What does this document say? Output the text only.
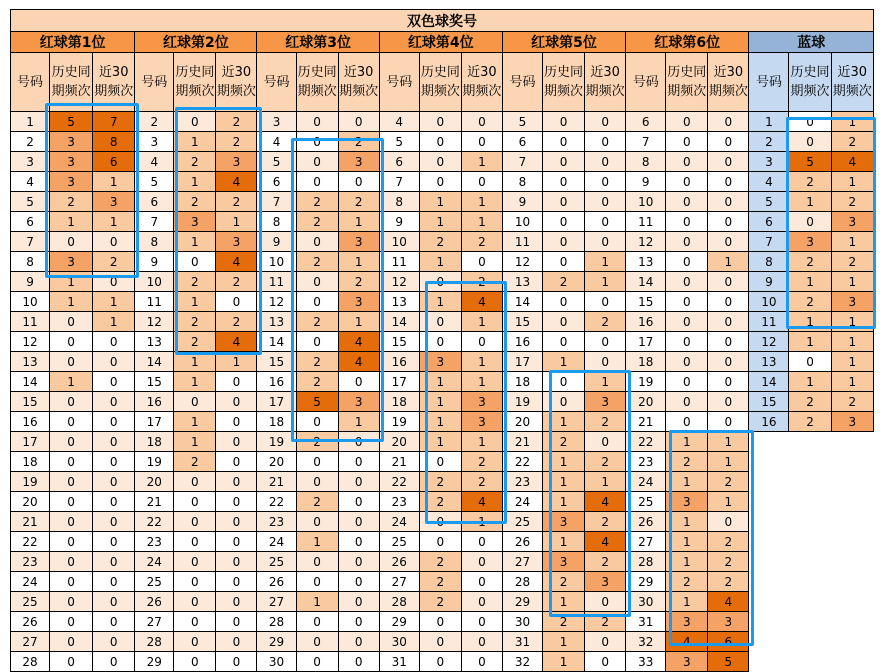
双色球奖号																				
红球第1位			红球第2位			红球第3位			红球第4位			红球第5位			红球第6位			蓝球		
号码	历史同期频次	近30期频次	号码	历史同期频次	近30期频次	号码	历史同期频次	近30期频次	号码	历史同期频次	近30期频次	号码	历史同期频次	近30期频次	号码	历史同期频次	近30期频次	号码	历史同期频次	近30期频次
1	5	7	2	0	2	3	0	0	4	0	0	5	0	0	6	0	0	1	0	1
2	3	8	3	1	2	4	0	2	5	0	0	6	0	0	7	0	0	2	0	2
3	3	6	4	2	3	5	0	3	6	0	1	7	0	0	8	0	0	3	5	4
4	3	1	5	1	4	6	0	0	7	0	0	8	0	0	9	0	0	4	2	1
5	2	3	6	2	2	7	2	2	8	1	1	9	0	0	10	0	0	5	1	2
6	1	1	7	3	1	8	2	1	9	1	1	10	0	0	11	0	0	6	0	3
7	0	0	8	1	3	9	0	3	10	2	2	11	0	0	12	0	0	7	3	1
8	3	2	9	0	4	10	2	1	11	1	0	12	0	1	13	0	1	8	2	2
9	1	0	10	2	2	11	0	2	12	0	2	13	2	1	14	0	0	9	1	1
10	1	1	11	1	0	12	0	3	13	1	4	14	0	0	15	0	0	10	2	3
11	0	1	12	2	2	13	2	1	14	0	1	15	0	2	16	0	0	11	1	1
12	0	0	13	2	4	14	0	4	15	0	0	16	0	0	17	0	0	12	1	1
13	0	0	14	1	1	15	2	4	16	3	1	17	1	0	18	0	0	13	0	1
14	1	0	15	1	0	16	2	0	17	1	1	18	0	1	19	0	0	14	1	1
15	0	0	16	0	0	17	5	3	18	1	3	19	0	3	20	0	0	15	2	2
16	0	0	17	1	0	18	0	1	19	1	3	20	1	2	21	0	0	16	2	3
17	0	0	18	1	0	19	2	0	20	1	1	21	2	0	22	1	1			
18	0	0	19	2	0	20	0	0	21	0	2	22	1	2	23	2	1			
19	0	0	20	0	0	21	0	0	22	2	2	23	1	1	24	1	2			
20	0	0	21	0	0	22	2	0	23	2	4	24	1	4	25	3	1			
21	0	0	22	0	0	23	0	0	24	0	1	25	3	2	26	1	0			
22	0	0	23	0	0	24	1	0	25	0	0	26	1	4	27	1	2			
23	0	0	24	0	0	25	0	0	26	2	0	27	3	2	28	1	2			
24	0	0	25	0	0	26	0	0	27	2	0	28	2	3	29	2	2			
25	0	0	26	0	0	27	1	0	28	2	0	29	1	0	30	1	4			
26	0	0	27	0	0	28	0	0	29	0	0	30	2	2	31	3	3			
27	0	0	28	0	0	29	0	0	30	0	0	31	1	0	32	4	6			
28	0	0	29	0	0	30	0	0	31	0	0	32	1	0	33	3	5			
